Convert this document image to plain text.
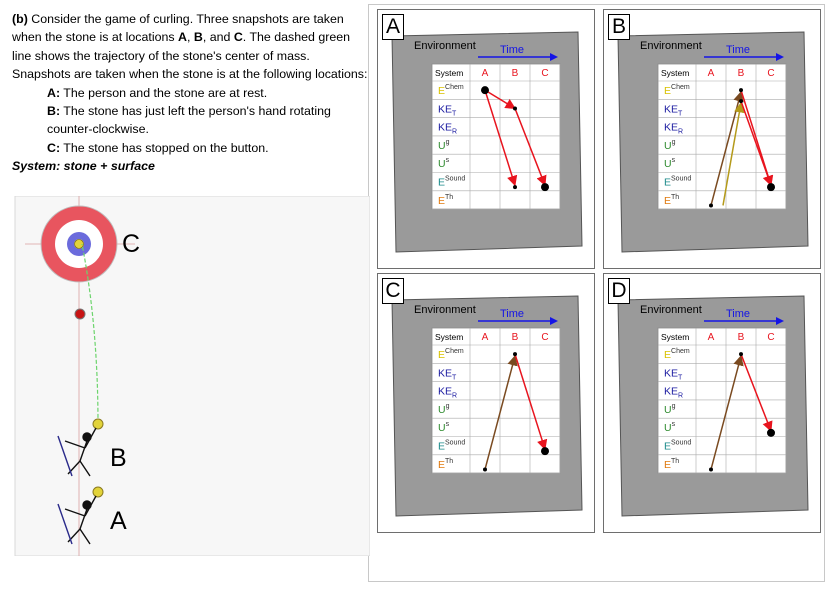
(b) Consider the game of curling. Three snapshots are taken when the stone is at locations A, B, and C. The dashed green line shows the trajectory of the stone's center of mass. Snapshots are taken when the stone is at the following locations:

A: The person and the stone are at rest.

B: The stone has just left the person's hand rotating counter-clockwise.

C: The stone has stopped on the button.

System: stone + surface

C
B
A
Environment Time
System A B C
$E^{Chem}$
$KE_T$
$KE_R$
$U^g$
$U^s$
$E^{Sound}$
$E^{Th}$
A
Environment Time
System A B C
$E^{Chem}$
$KE_T$
$KE_R$
$U^g$
$U^s$
$E^{Sound}$
$E^{Th}$
B
Environment Time
System A B C
$E^{Chem}$
$KE_T$
$KE_R$
$U^g$
$U^s$
$E^{Sound}$
$E^{Th}$
C
Environment Time
System A B C
$E^{Chem}$
$KE_T$
$KE_R$
$U^g$
$U^s$
$E^{Sound}$
$E^{Th}$
D
